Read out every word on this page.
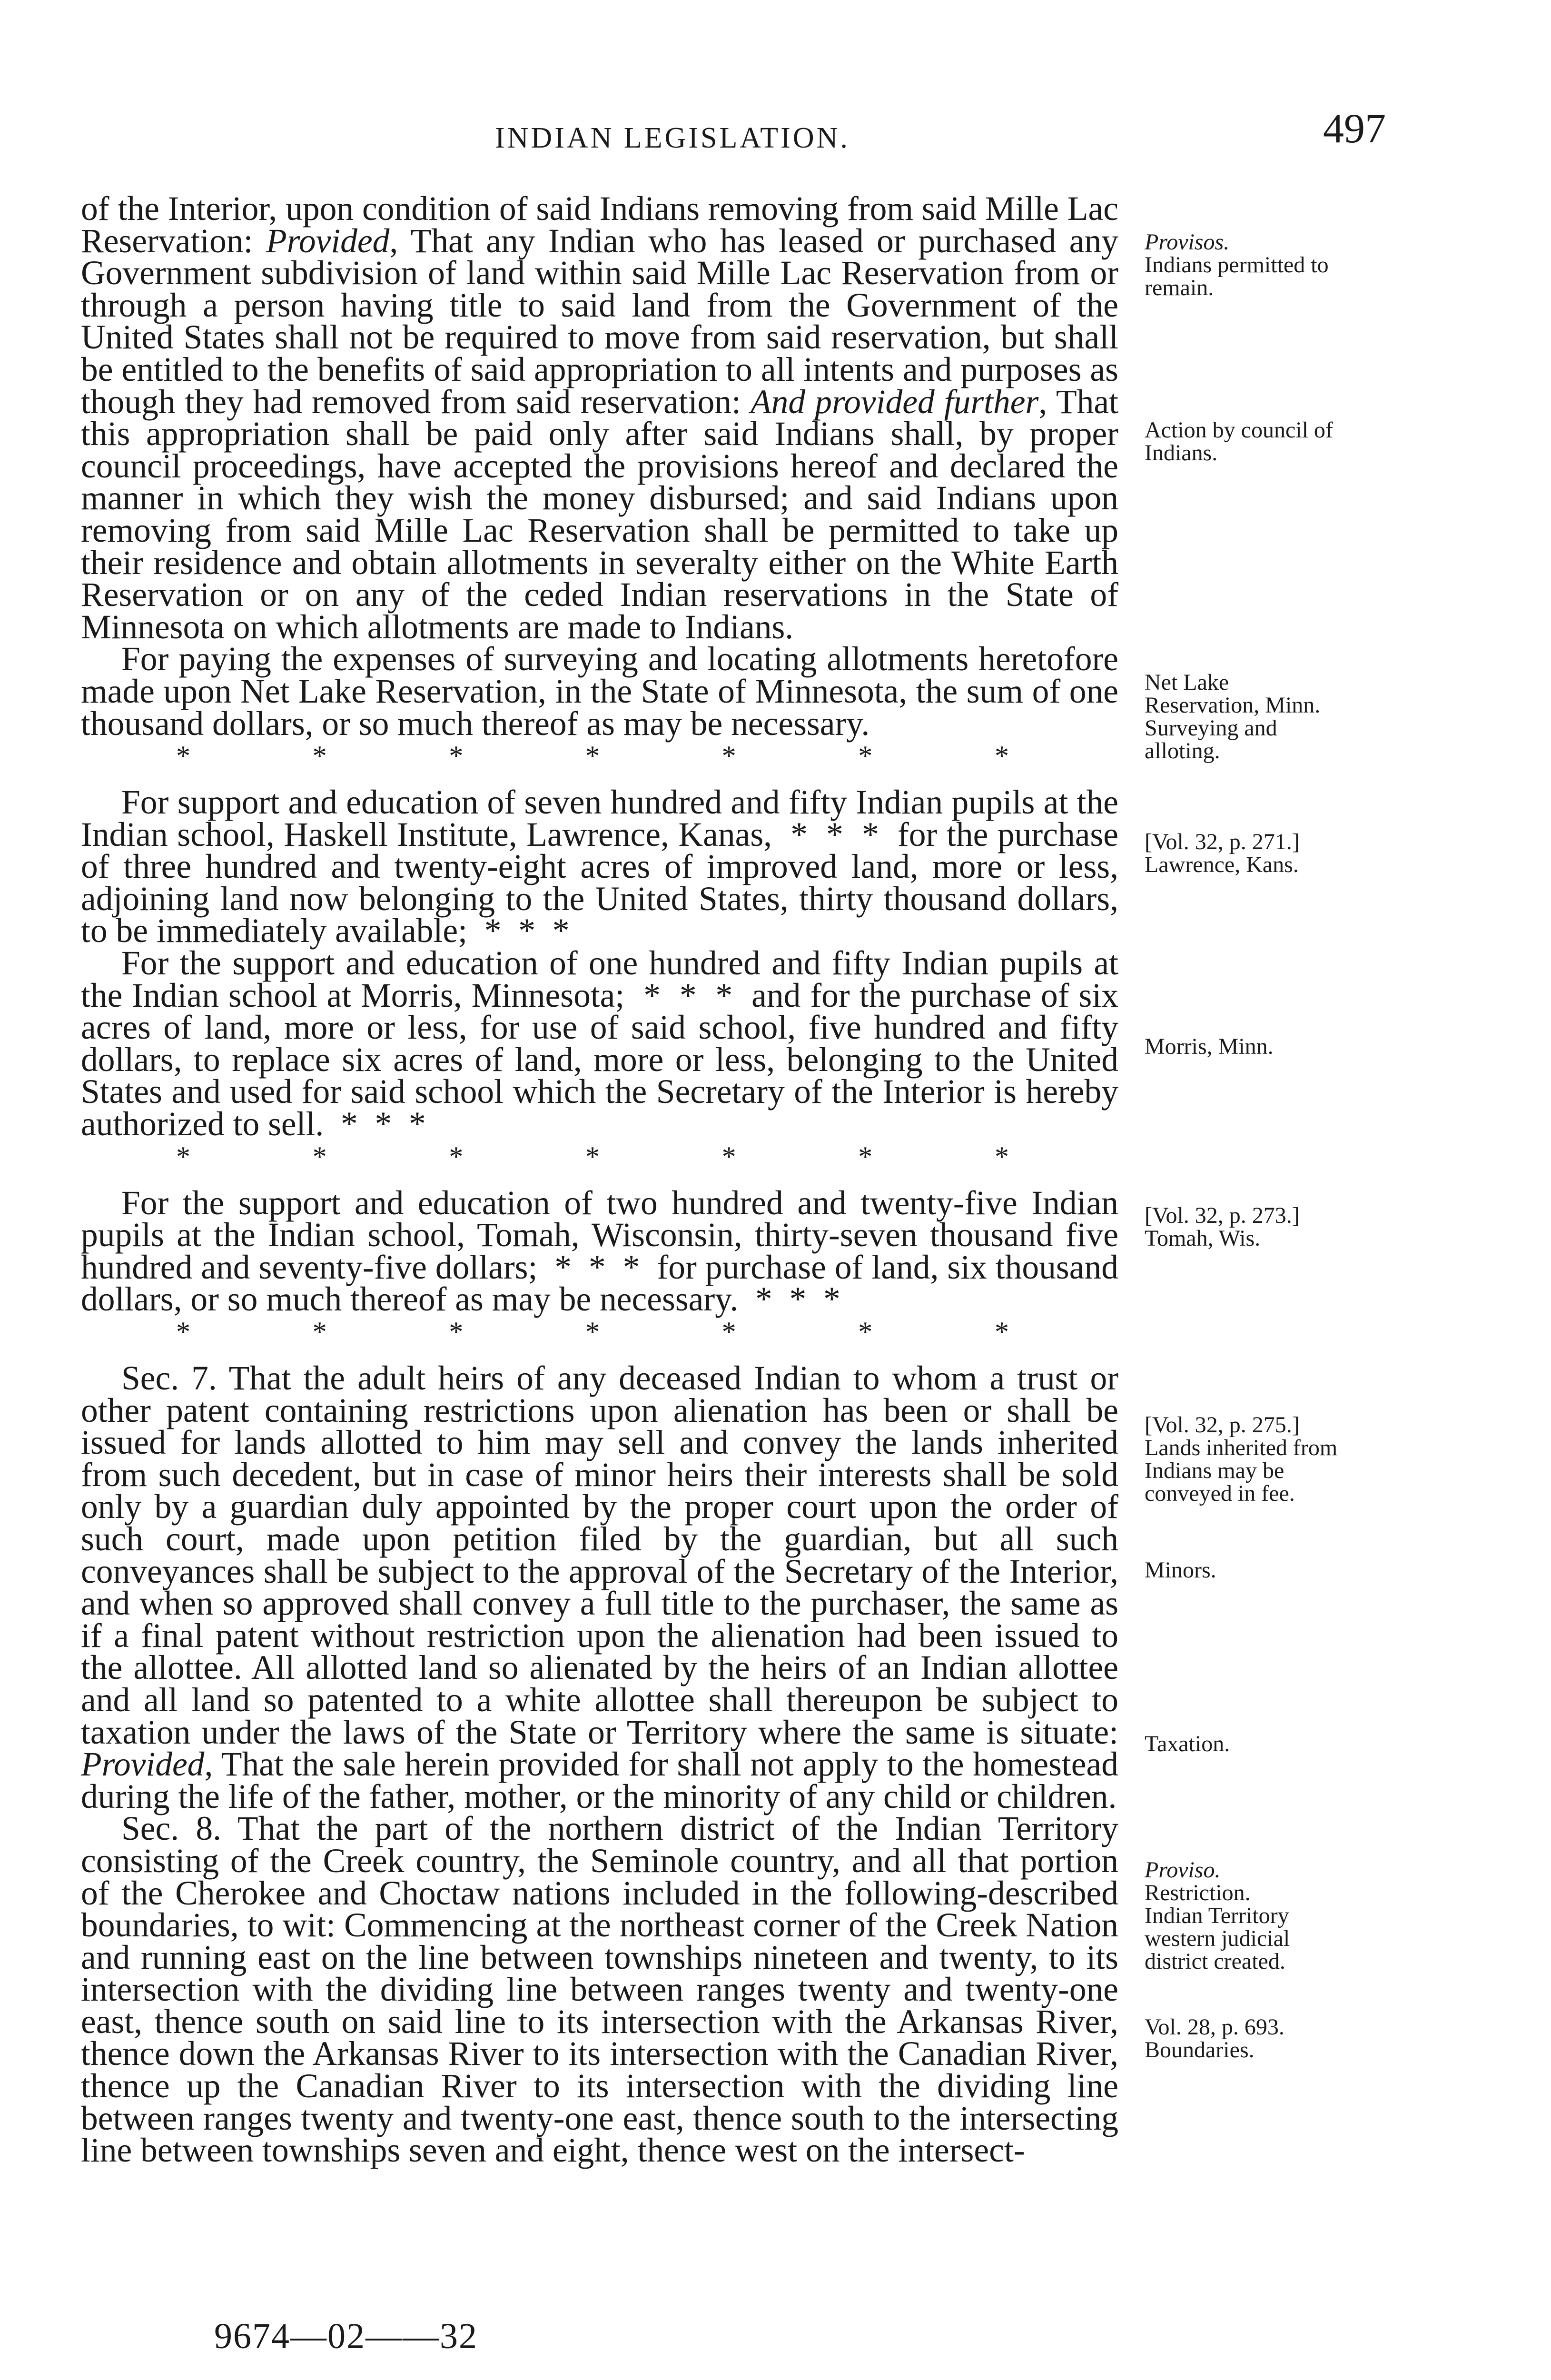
INDIAN LEGISLATION.	497

of the Interior, upon condition of said Indians removing from said Mille Lac Reservation: Provided, That any Indian who has leased or purchased any Government subdivision of land within said Mille Lac Reservation from or through a person having title to said land from the Government of the United States shall not be required to move from said reservation, but shall be entitled to the benefits of said appropriation to all intents and purposes as though they had removed from said reservation: And provided further, That this appropriation shall be paid only after said Indians shall, by proper council proceedings, have accepted the provisions hereof and declared the manner in which they wish the money disbursed; and said Indians upon removing from said Mille Lac Reservation shall be permitted to take up their residence and obtain allotments in severalty either on the White Earth Reservation or on any of the ceded Indian reservations in the State of Minnesota on which allotments are made to Indians.

For paying the expenses of surveying and locating allotments heretofore made upon Net Lake Reservation, in the State of Minnesota, the sum of one thousand dollars, or so much thereof as may be necessary.

*	*	*	*	*	*	*

For support and education of seven hundred and fifty Indian pupils at the Indian school, Haskell Institute, Lawrence, Kanas,  *  *  *  for the purchase of three hundred and twenty-eight acres of improved land, more or less, adjoining land now belonging to the United States, thirty thousand dollars, to be immediately available;  *  *  *

For the support and education of one hundred and fifty Indian pupils at the Indian school at Morris, Minnesota;  *  *  *  and for the purchase of six acres of land, more or less, for use of said school, five hundred and fifty dollars, to replace six acres of land, more or less, belonging to the United States and used for said school which the Secretary of the Interior is hereby authorized to sell.  *  *  *

*	*	*	*	*	*	*

For the support and education of two hundred and twenty-five Indian pupils at the Indian school, Tomah, Wisconsin, thirty-seven thousand five hundred and seventy-five dollars;  *  *  *  for purchase of land, six thousand dollars, or so much thereof as may be necessary.  *  *  *

*	*	*	*	*	*	*

Sec. 7. That the adult heirs of any deceased Indian to whom a trust or other patent containing restrictions upon alienation has been or shall be issued for lands allotted to him may sell and convey the lands inherited from such decedent, but in case of minor heirs their interests shall be sold only by a guardian duly appointed by the proper court upon the order of such court, made upon petition filed by the guardian, but all such conveyances shall be subject to the approval of the Secretary of the Interior, and when so approved shall convey a full title to the purchaser, the same as if a final patent without restriction upon the alienation had been issued to the allottee. All allotted land so alienated by the heirs of an Indian allottee and all land so patented to a white allottee shall thereupon be subject to taxation under the laws of the State or Territory where the same is situate: Provided, That the sale herein provided for shall not apply to the homestead during the life of the father, mother, or the minority of any child or children.

Sec. 8. That the part of the northern district of the Indian Territory consisting of the Creek country, the Seminole country, and all that portion of the Cherokee and Choctaw nations included in the following-described boundaries, to wit: Commencing at the northeast corner of the Creek Nation and running east on the line between townships nineteen and twenty, to its intersection with the dividing line between ranges twenty and twenty-one east, thence south on said line to its intersection with the Arkansas River, thence down the Arkansas River to its intersection with the Canadian River, thence up the Canadian River to its intersection with the dividing line between ranges twenty and twenty-one east, thence south to the intersecting line between townships seven and eight, thence west on the intersect-

Provisos.
Indians permitted to remain.
Action by council of Indians.
Net Lake Reservation, Minn. Surveying and alloting.
[Vol. 32, p. 271.]
Lawrence, Kans.
Morris, Minn.
[Vol. 32, p. 273.]
Tomah, Wis.
[Vol. 32, p. 275.]
Lands inherited from Indians may be conveyed in fee.
Minors.
Taxation.
Proviso.
Restriction.
Indian Territory western judicial district created.
Vol. 28, p. 693.
Boundaries.
9674—02——32
